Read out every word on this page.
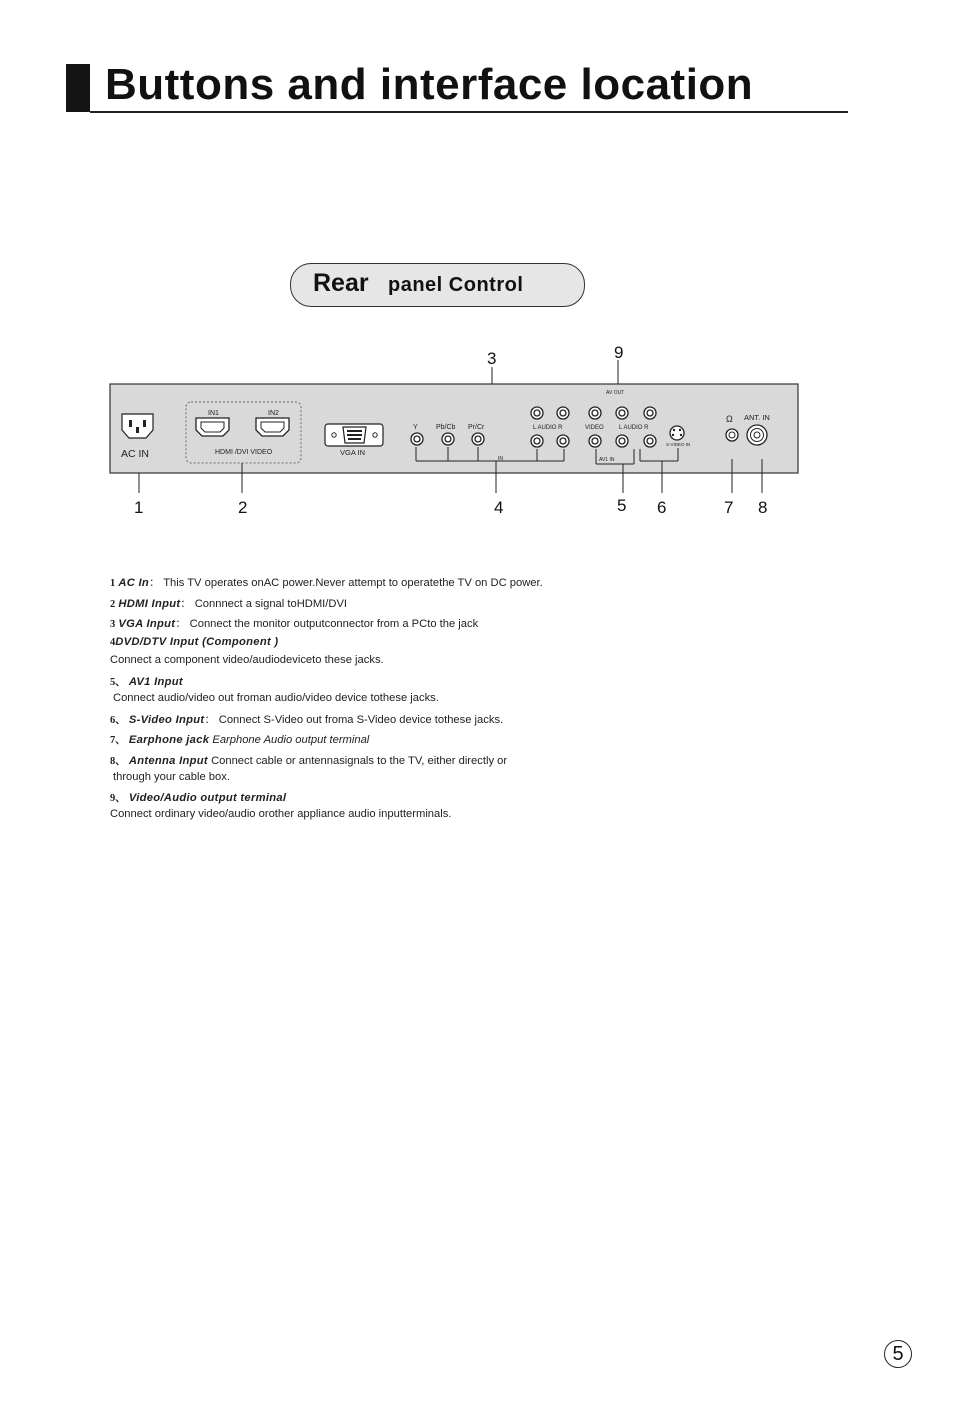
Buttons and interface location
Rear panel Control
AC IN
IN1	IN2
HDMI /DVI VIDEO	VGA IN
Y	Pb/Cb Pr/Cr	L AUDIO R
IN
AV OUT
VIDEO	L AUDIO R
AV1 IN
S-VIDEO IN
Ω ANT. IN
3	9
1	2	4	5 6	7 8
1 AC In： This TV operates onAC power.Never attempt to operatethe TV on DC power.
2 HDMI Input： Connnect a signal toHDMI/DVI
3 VGA Input： Connect the monitor outputconnector from a PCto the jack
4DVD/DTV Input (Component )
Connect a component video/audiodeviceto these jacks.
5、 AV1 Input
Connect audio/video out froman audio/video device tothese jacks.
6、 S-Video Input： Connect S-Video out froma S-Video device tothese jacks.
7、 Earphone jack Earphone Audio output terminal
8、 Antenna Input Connect cable or antennasignals to the TV, either directly or
through your cable box.
9、 Video/Audio output terminal
Connect ordinary video/audio orother appliance audio inputterminals.
5
